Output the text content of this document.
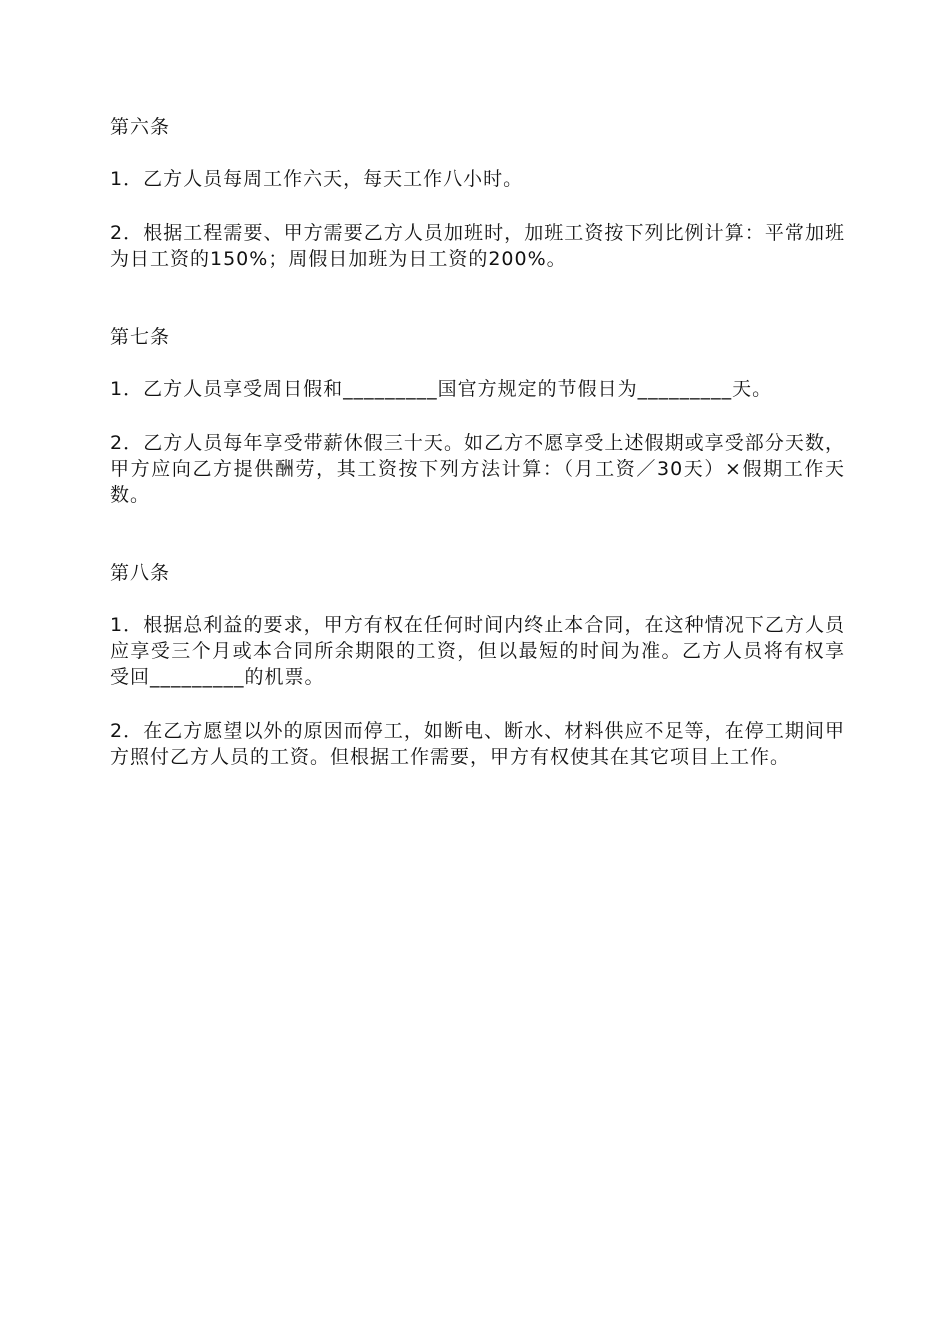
第六条

1．乙方人员每周工作六天，每天工作八小时。

2．根据工程需要、甲方需要乙方人员加班时，加班工资按下列比例计算：平常加班为日工资的150%；周假日加班为日工资的200%。

第七条

1．乙方人员享受周日假和_________国官方规定的节假日为_________天。

2．乙方人员每年享受带薪休假三十天。如乙方不愿享受上述假期或享受部分天数，甲方应向乙方提供酬劳，其工资按下列方法计算：（月工资／30天）×假期工作天数。

第八条

1．根据总利益的要求，甲方有权在任何时间内终止本合同，在这种情况下乙方人员应享受三个月或本合同所余期限的工资，但以最短的时间为准。乙方人员将有权享受回_________的机票。

2．在乙方愿望以外的原因而停工，如断电、断水、材料供应不足等，在停工期间甲方照付乙方人员的工资。但根据工作需要，甲方有权使其在其它项目上工作。
